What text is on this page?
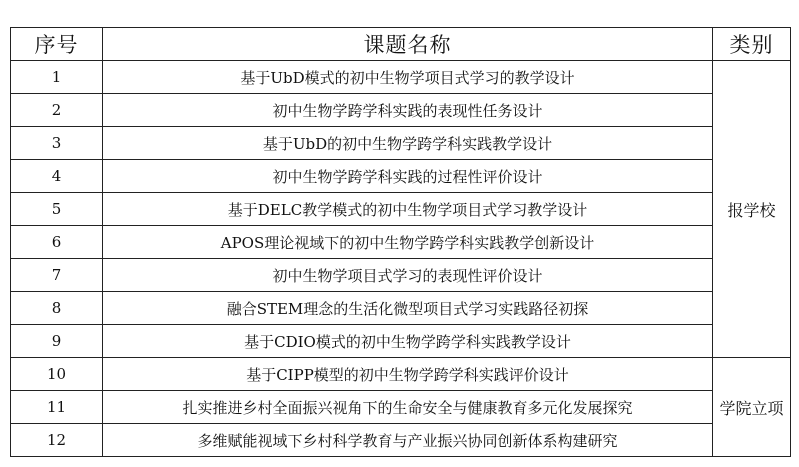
序号	课题名称	类别
1	基于UbD模式的初中生物学项目式学习的教学设计	报学校
2	初中生物学跨学科实践的表现性任务设计	
3	基于UbD的初中生物学跨学科实践教学设计	
4	初中生物学跨学科实践的过程性评价设计	
5	基于DELC教学模式的初中生物学项目式学习教学设计	
6	APOS理论视域下的初中生物学跨学科实践教学创新设计	
7	初中生物学项目式学习的表现性评价设计	
8	融合STEM理念的生活化微型项目式学习实践路径初探	
9	基于CDIO模式的初中生物学跨学科实践教学设计	
10	基于CIPP模型的初中生物学跨学科实践评价设计	学院立项
11	扎实推进乡村全面振兴视角下的生命安全与健康教育多元化发展探究	
12	多维赋能视域下乡村科学教育与产业振兴协同创新体系构建研究	
